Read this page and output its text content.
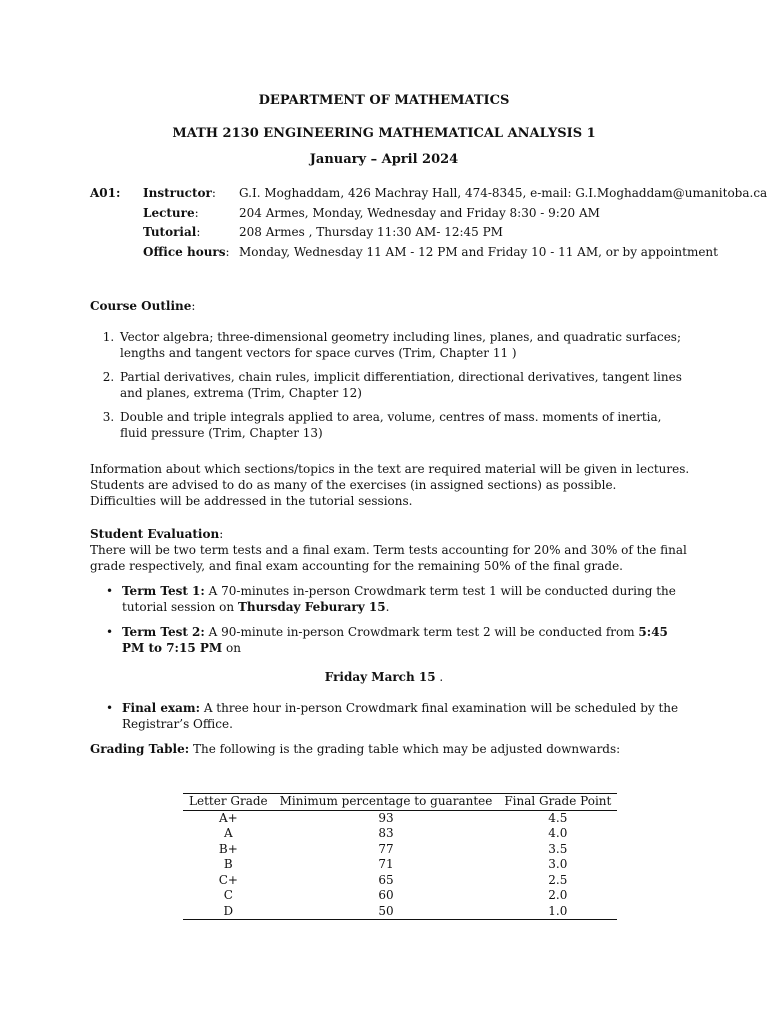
DEPARTMENT OF MATHEMATICS
MATH 2130 ENGINEERING MATHEMATICAL ANALYSIS 1
January – April 2024
A01: Instructor: G.I. Moghaddam, 426 Machray Hall, 474-8345, e-mail: G.I.Moghaddam@umanitoba.ca
Lecture:	204 Armes, Monday, Wednesday and Friday 8:30 - 9:20 AM
Tutorial:	208 Armes , Thursday 11:30 AM- 12:45 PM
Office hours: Monday, Wednesday 11 AM - 12 PM and Friday 10 - 11 AM, or by appointment
Course Outline:
1. Vector algebra; three-dimensional geometry including lines, planes, and quadratic surfaces; lengths and tangent vectors for space curves (Trim, Chapter 11 )
2. Partial derivatives, chain rules, implicit differentiation, directional derivatives, tangent lines and planes, extrema (Trim, Chapter 12)
3. Double and triple integrals applied to area, volume, centres of mass. moments of inertia, fluid pressure (Trim, Chapter 13)
Information about which sections/topics in the text are required material will be given in lectures.
Students are advised to do as many of the exercises (in assigned sections) as possible.
Difficulties will be addressed in the tutorial sessions.
Student Evaluation:
There will be two term tests and a final exam. Term tests accounting for 20% and 30% of the final grade respectively, and final exam accounting for the remaining 50% of the final grade.
• Term Test 1: A 70-minutes in-person Crowdmark term test 1 will be conducted during the tutorial session on Thursday Feburary 15.
• Term Test 2: A 90-minute in-person Crowdmark term test 2 will be conducted from 5:45 PM to 7:15 PM on
Friday March 15 .
• Final exam: A three hour in-person Crowdmark final examination will be scheduled by the Registrar’s Office.
Grading Table: The following is the grading table which may be adjusted downwards:
Letter Grade	Minimum percentage to guarantee	Final Grade Point
A+	93	4.5
A	83	4.0
B+	77	3.5
B	71	3.0
C+	65	2.5
C	60	2.0
D	50	1.0
